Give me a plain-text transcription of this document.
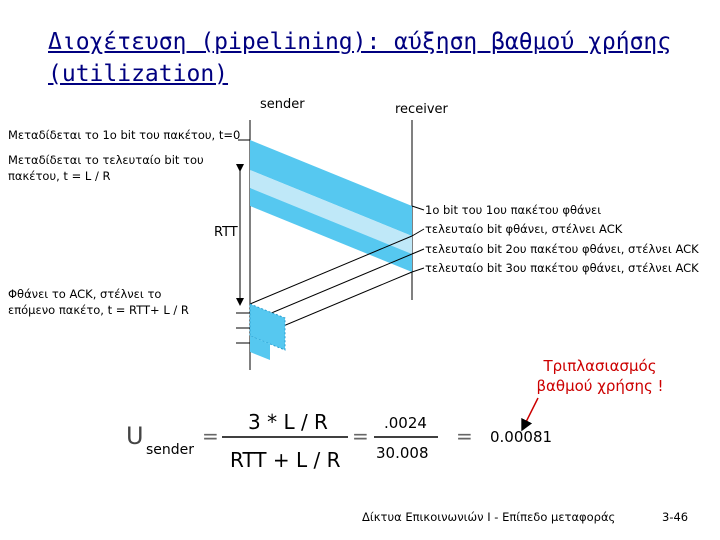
Διοχέτευση (pipelining): αύξηση βαθμού χρήσης (utilization)
sender	receiver
Μεταδίδεται το 1ο bit του πακέτου, t=0
Μεταδίδεται το τελευταίο bit του
πακέτου, t = L / R
RTT
Φθάνει το ACK, στέλνει το
επόμενο πακέτο, t = RTT+ L / R
1ο bit του 1ου πακέτου φθάνει
τελευταίο bit φθάνει, στέλνει ACK
τελευταίο bit 2ου πακέτου φθάνει, στέλνει ACK
τελευταίο bit 3ου πακέτου φθάνει, στέλνει ACK
Τριπλασιασμός
βαθμού χρήσης !
U sender
=
3 * L / R
RTT + L / R
=
.0024
30.008
= 0.00081
Δίκτυα Επικοινωνιών Ι - Επίπεδο μεταφοράς	3-46
